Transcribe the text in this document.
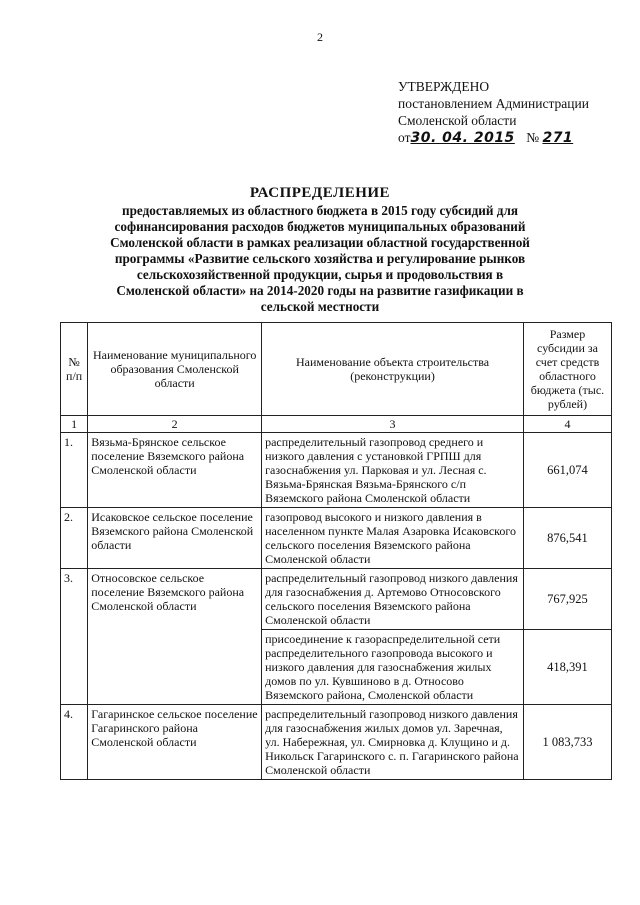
2
УТВЕРЖДЕНО
постановлением Администрации
Смоленской области
от30. 04. 2015 № 271
РАСПРЕДЕЛЕНИЕ
предоставляемых из областного бюджета в 2015 году субсидий для софинансирования расходов бюджетов муниципальных образований Смоленской области в рамках реализации областной государственной программы «Развитие сельского хозяйства и регулирование рынков сельскохозяйственной продукции, сырья и продовольствия в Смоленской области» на 2014-2020 годы на развитие газификации в сельской местности
№ п/п	Наименование муниципального образования Смоленской области	Наименование объекта строительства (реконструкции)	Размер субсидии за счет средств областного бюджета (тыс. рублей)
1	2	3	4
1.	Вязьма-Брянское сельское поселение Вяземского района Смоленской области	распределительный газопровод среднего и низкого давления с установкой ГРПШ для газоснабжения ул. Парковая и ул. Лесная с. Вязьма-Брянская Вязьма-Брянского с/п Вяземского района Смоленской области	661,074
2.	Исаковское сельское поселение Вяземского района Смоленской области	газопровод высокого и низкого давления в населенном пункте Малая Азаровка Исаковского сельского поселения Вяземского района Смоленской области	876,541
3.	Относовское сельское поселение Вяземского района Смоленской области	распределительный газопровод низкого давления для газоснабжения д. Артемово Относовского сельского поселения Вяземского района Смоленской области	767,925
		присоединение к газораспределительной сети распределительного газопровода высокого и низкого давления для газоснабжения жилых домов по ул. Кувшиново в д. Относово Вяземского района, Смоленской области	418,391
4.	Гагаринское сельское поселение Гагаринского района Смоленской области	распределительный газопровод низкого давления для газоснабжения жилых домов ул. Заречная, ул. Набережная, ул. Смирновка д. Клущино и д. Никольск Гагаринского с. п. Гагаринского района Смоленской области	1 083,733
